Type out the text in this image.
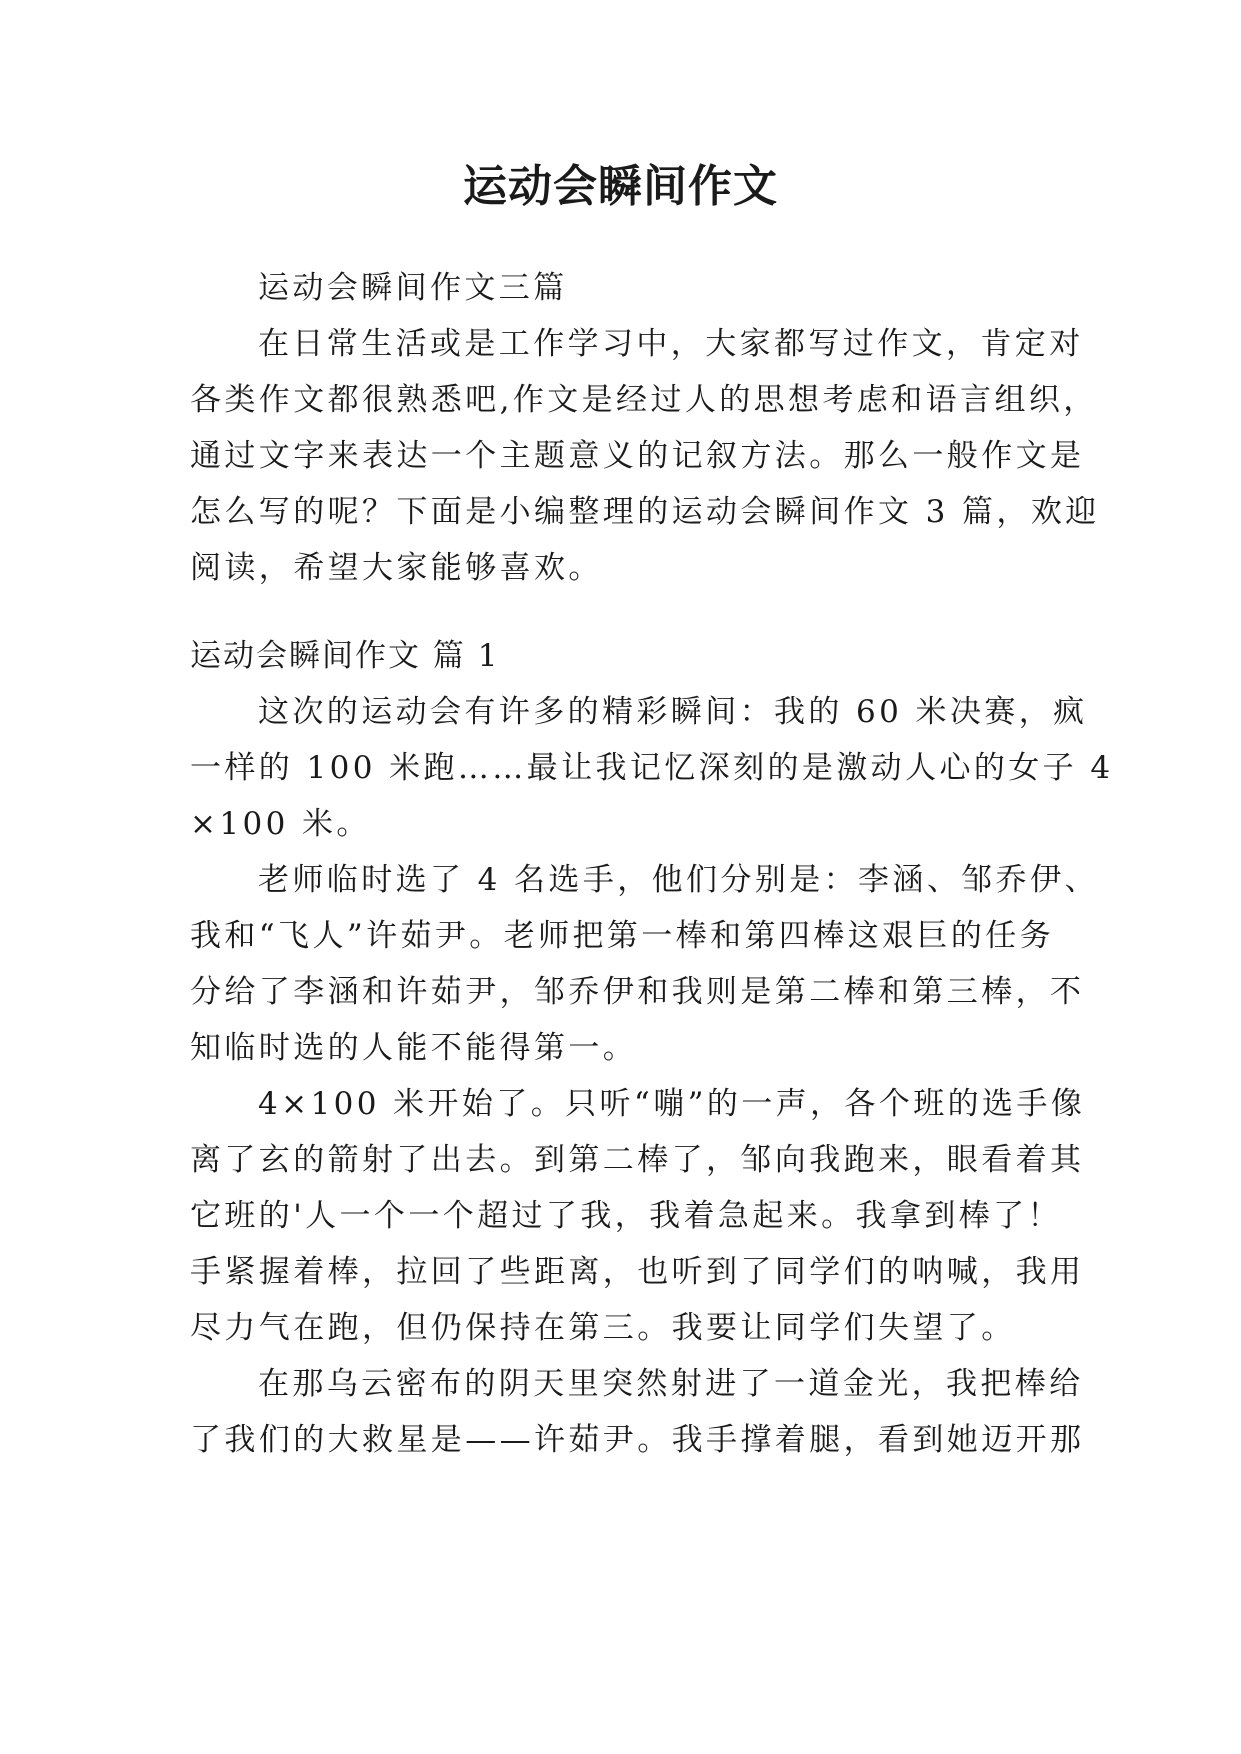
运动会瞬间作文
运动会瞬间作文三篇
在日常生活或是工作学习中，大家都写过作文，肯定对
各类作文都很熟悉吧,作文是经过人的思想考虑和语言组织，
通过文字来表达一个主题意义的记叙方法。那么一般作文是
怎么写的呢？下面是小编整理的运动会瞬间作文 3 篇，欢迎
阅读，希望大家能够喜欢。
运动会瞬间作文 篇 1
这次的运动会有许多的精彩瞬间：我的 60 米决赛，疯
一样的 100 米跑……最让我记忆深刻的是激动人心的女子 4
×100 米。
老师临时选了 4 名选手，他们分别是：李涵、邹乔伊、
我和“飞人”许茹尹。老师把第一棒和第四棒这艰巨的任务
分给了李涵和许茹尹，邹乔伊和我则是第二棒和第三棒，不
知临时选的人能不能得第一。
4×100 米开始了。只听“嘣”的一声，各个班的选手像
离了玄的箭射了出去。到第二棒了，邹向我跑来，眼看着其
它班的'人一个一个超过了我，我着急起来。我拿到棒了！
手紧握着棒，拉回了些距离，也听到了同学们的呐喊，我用
尽力气在跑，但仍保持在第三。我要让同学们失望了。
在那乌云密布的阴天里突然射进了一道金光，我把棒给
了我们的大救星是——许茹尹。我手撑着腿，看到她迈开那
